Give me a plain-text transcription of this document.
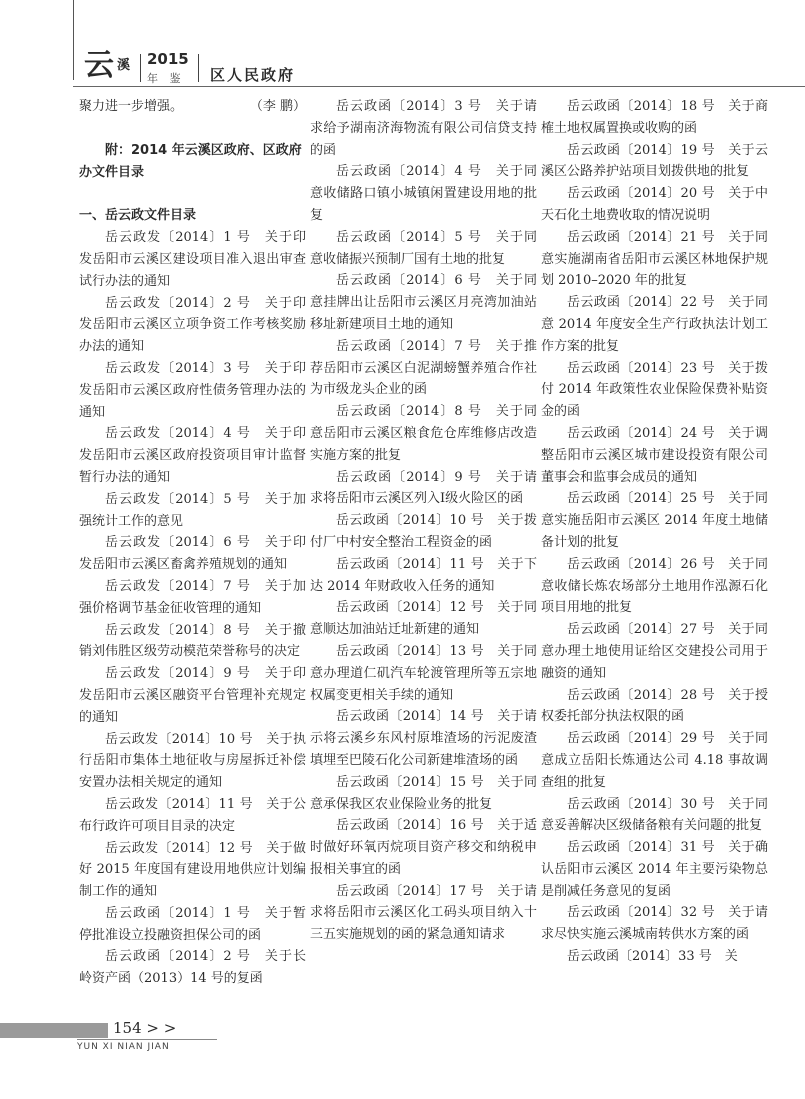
云 $^溪$ 2015
年 鉴 区人民政府

聚力进一步增强。	（李 鹏）

附：2014 年云溪区政府、区政府办文件目录

一、岳云政文件目录

岳云政发〔2014〕1 号　关于印发岳阳市云溪区建设项目准入退出审查试行办法的通知

岳云政发〔2014〕2 号　关于印发岳阳市云溪区立项争资工作考核奖励办法的通知

岳云政发〔2014〕3 号　关于印发岳阳市云溪区政府性债务管理办法的通知

岳云政发〔2014〕4 号　关于印发岳阳市云溪区政府投资项目审计监督暂行办法的通知

岳云政发〔2014〕5 号　关于加强统计工作的意见

岳云政发〔2014〕6 号　关于印发岳阳市云溪区畜禽养殖规划的通知

岳云政发〔2014〕7 号　关于加强价格调节基金征收管理的通知

岳云政发〔2014〕8 号　关于撤销刘伟胜区级劳动模范荣誉称号的决定

岳云政发〔2014〕9 号　关于印发岳阳市云溪区融资平台管理补充规定的通知

岳云政发〔2014〕10 号　关于执行岳阳市集体土地征收与房屋拆迁补偿安置办法相关规定的通知

岳云政发〔2014〕11 号　关于公布行政许可项目目录的决定

岳云政发〔2014〕12 号　关于做好 2015 年度国有建设用地供应计划编制工作的通知

岳云政函〔2014〕1 号　关于暂停批准设立投融资担保公司的函

岳云政函〔2014〕2 号　关于长岭资产函（2013）14 号的复函

岳云政函〔2014〕3 号　关于请求给予湖南济海物流有限公司信贷支持的函

岳云政函〔2014〕4 号　关于同意收储路口镇小城镇闲置建设用地的批复

岳云政函〔2014〕5 号　关于同意收储振兴预制厂国有土地的批复

岳云政函〔2014〕6 号　关于同意挂牌出让岳阳市云溪区月亮湾加油站移址新建项目土地的通知

岳云政函〔2014〕7 号　关于推荐岳阳市云溪区白泥湖螃蟹养殖合作社为市级龙头企业的函

岳云政函〔2014〕8 号　关于同意岳阳市云溪区粮食危仓库维修店改造实施方案的批复

岳云政函〔2014〕9 号　关于请求将岳阳市云溪区列入Ⅰ级火险区的函

岳云政函〔2014〕10 号　关于拨付厂中村安全整治工程资金的函

岳云政函〔2014〕11 号　关于下达 2014 年财政收入任务的通知

岳云政函〔2014〕12 号　关于同意顺达加油站迁址新建的通知

岳云政函〔2014〕13 号　关于同意办理道仁矶汽车轮渡管理所等五宗地权属变更相关手续的通知

岳云政函〔2014〕14 号　关于请示将云溪乡东风村原堆渣场的污泥废渣填埋至巴陵石化公司新建堆渣场的函

岳云政函〔2014〕15 号　关于同意承保我区农业保险业务的批复

岳云政函〔2014〕16 号　关于适时做好环氧丙烷项目资产移交和纳税申报相关事宜的函

岳云政函〔2014〕17 号　关于请求将岳阳市云溪区化工码头项目纳入十三五实施规划的函的紧急通知请求

岳云政函〔2014〕18 号　关于商榷土地权属置换或收购的函

岳云政函〔2014〕19 号　关于云溪区公路养护站项目划拨供地的批复

岳云政函〔2014〕20 号　关于中天石化土地费收取的情况说明

岳云政函〔2014〕21 号　关于同意实施湖南省岳阳市云溪区林地保护规划 2010–2020 年的批复

岳云政函〔2014〕22 号　关于同意 2014 年度安全生产行政执法计划工作方案的批复

岳云政函〔2014〕23 号　关于拨付 2014 年政策性农业保险保费补贴资金的函

岳云政函〔2014〕24 号　关于调整岳阳市云溪区城市建设投资有限公司董事会和监事会成员的通知

岳云政函〔2014〕25 号　关于同意实施岳阳市云溪区 2014 年度土地储备计划的批复

岳云政函〔2014〕26 号　关于同意收储长炼农场部分土地用作泓源石化项目用地的批复

岳云政函〔2014〕27 号　关于同意办理土地使用证给区交建投公司用于融资的通知

岳云政函〔2014〕28 号　关于授权委托部分执法权限的函

岳云政函〔2014〕29 号　关于同意成立岳阳长炼通达公司 4.18 事故调查组的批复

岳云政函〔2014〕30 号　关于同意妥善解决区级储备粮有关问题的批复

岳云政函〔2014〕31 号　关于确认岳阳市云溪区 2014 年主要污染物总是削减任务意见的复函

岳云政函〔2014〕32 号　关于请求尽快实施云溪城南转供水方案的函

岳云政函〔2014〕33 号　关

154 > >
YUN XI NIAN JIAN
